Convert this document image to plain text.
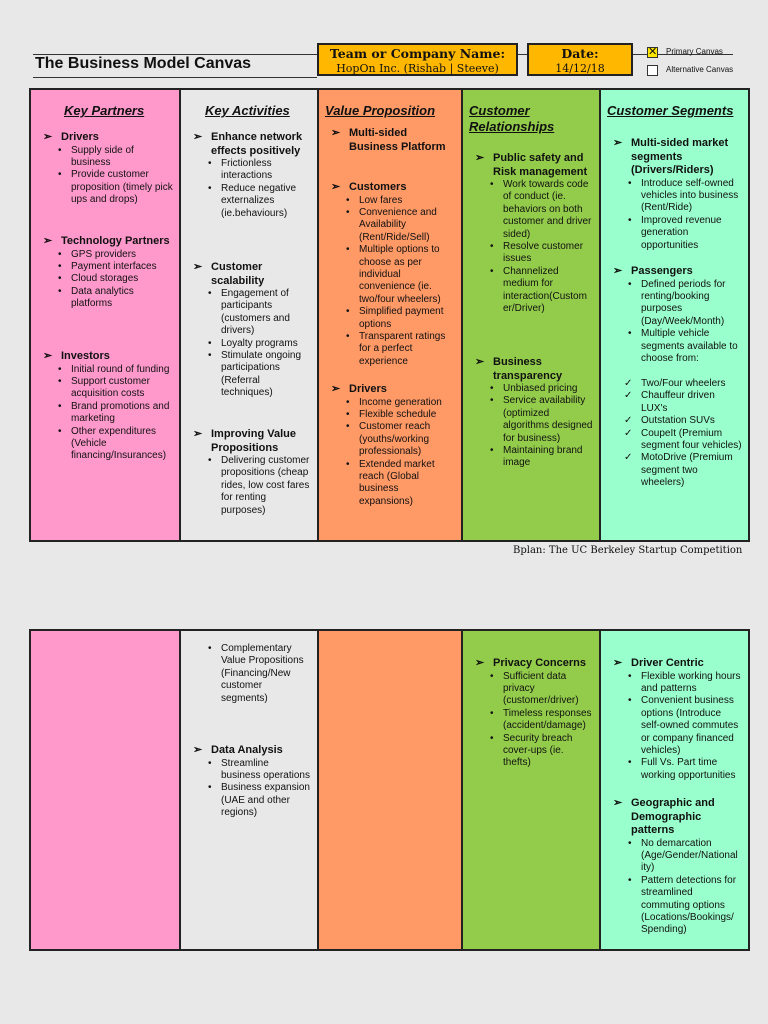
The Business Model Canvas
Team or Company Name:
HopOn Inc. (Rishab | Steeve)
Date:
14/12/18
✕
Primary Canvas
Alternative Canvas
Key Partners
➢ Drivers
• Supply side of business
• Provide customer proposition (timely pick ups and drops)
➢ Technology Partners
• GPS providers
• Payment interfaces
• Cloud storages
• Data analytics platforms
➢ Investors
• Initial round of funding
• Support customer acquisition costs
• Brand promotions and marketing
• Other expenditures (Vehicle financing/Insurances)
Key Activities
➢ Enhance network effects positively
• Frictionless interactions
• Reduce negative externalizes (ie.behaviours)
➢ Customer scalability
• Engagement of participants (customers and drivers)
• Loyalty programs
• Stimulate ongoing participations (Referral techniques)
➢ Improving Value Propositions
• Delivering customer propositions (cheap rides, low cost fares for renting purposes)
Value Proposition
➢ Multi-sided Business Platform
➢ Customers
• Low fares
• Convenience and Availability (Rent/Ride/Sell)
• Multiple options to choose as per individual convenience (ie. two/four wheelers)
• Simplified payment options
• Transparent ratings for a perfect experience
➢ Drivers
• Income generation
• Flexible schedule
• Customer reach (youths/working professionals)
• Extended market reach (Global business expansions)
Customer Relationships
➢ Public safety and Risk management
• Work towards code of conduct (ie. behaviors on both customer and driver sided)
• Resolve customer issues
• Channelized medium for interaction(Custom er/Driver)
➢ Business transparency
• Unbiased pricing
• Service availability (optimized algorithms designed for business)
• Maintaining brand image
Customer Segments
➢ Multi-sided market segments (Drivers/Riders)
• Introduce self-owned vehicles into business (Rent/Ride)
• Improved revenue generation opportunities
➢ Passengers
• Defined periods for renting/booking purposes (Day/Week/Month)
• Multiple vehicle segments available to choose from:
✓ Two/Four wheelers
✓ Chauffeur driven LUX's
✓ Outstation SUVs
✓ CoupeIt (Premium segment four vehicles)
✓ MotoDrive (Premium segment two wheelers)
Bplan: The UC Berkeley Startup Competition
• Complementary Value Propositions (Financing/New customer segments)
➢ Data Analysis
• Streamline business operations
• Business expansion (UAE and other regions)
➢ Privacy Concerns
• Sufficient data privacy (customer/driver)
• Timeless responses (accident/damage)
• Security breach cover-ups (ie. thefts)
➢ Driver Centric
• Flexible working hours and patterns
• Convenient business options (Introduce self-owned commutes or company financed vehicles)
• Full Vs. Part time working opportunities
➢ Geographic and Demographic patterns
• No demarcation (Age/Gender/National ity)
• Pattern detections for streamlined commuting options (Locations/Bookings/ Spending)
